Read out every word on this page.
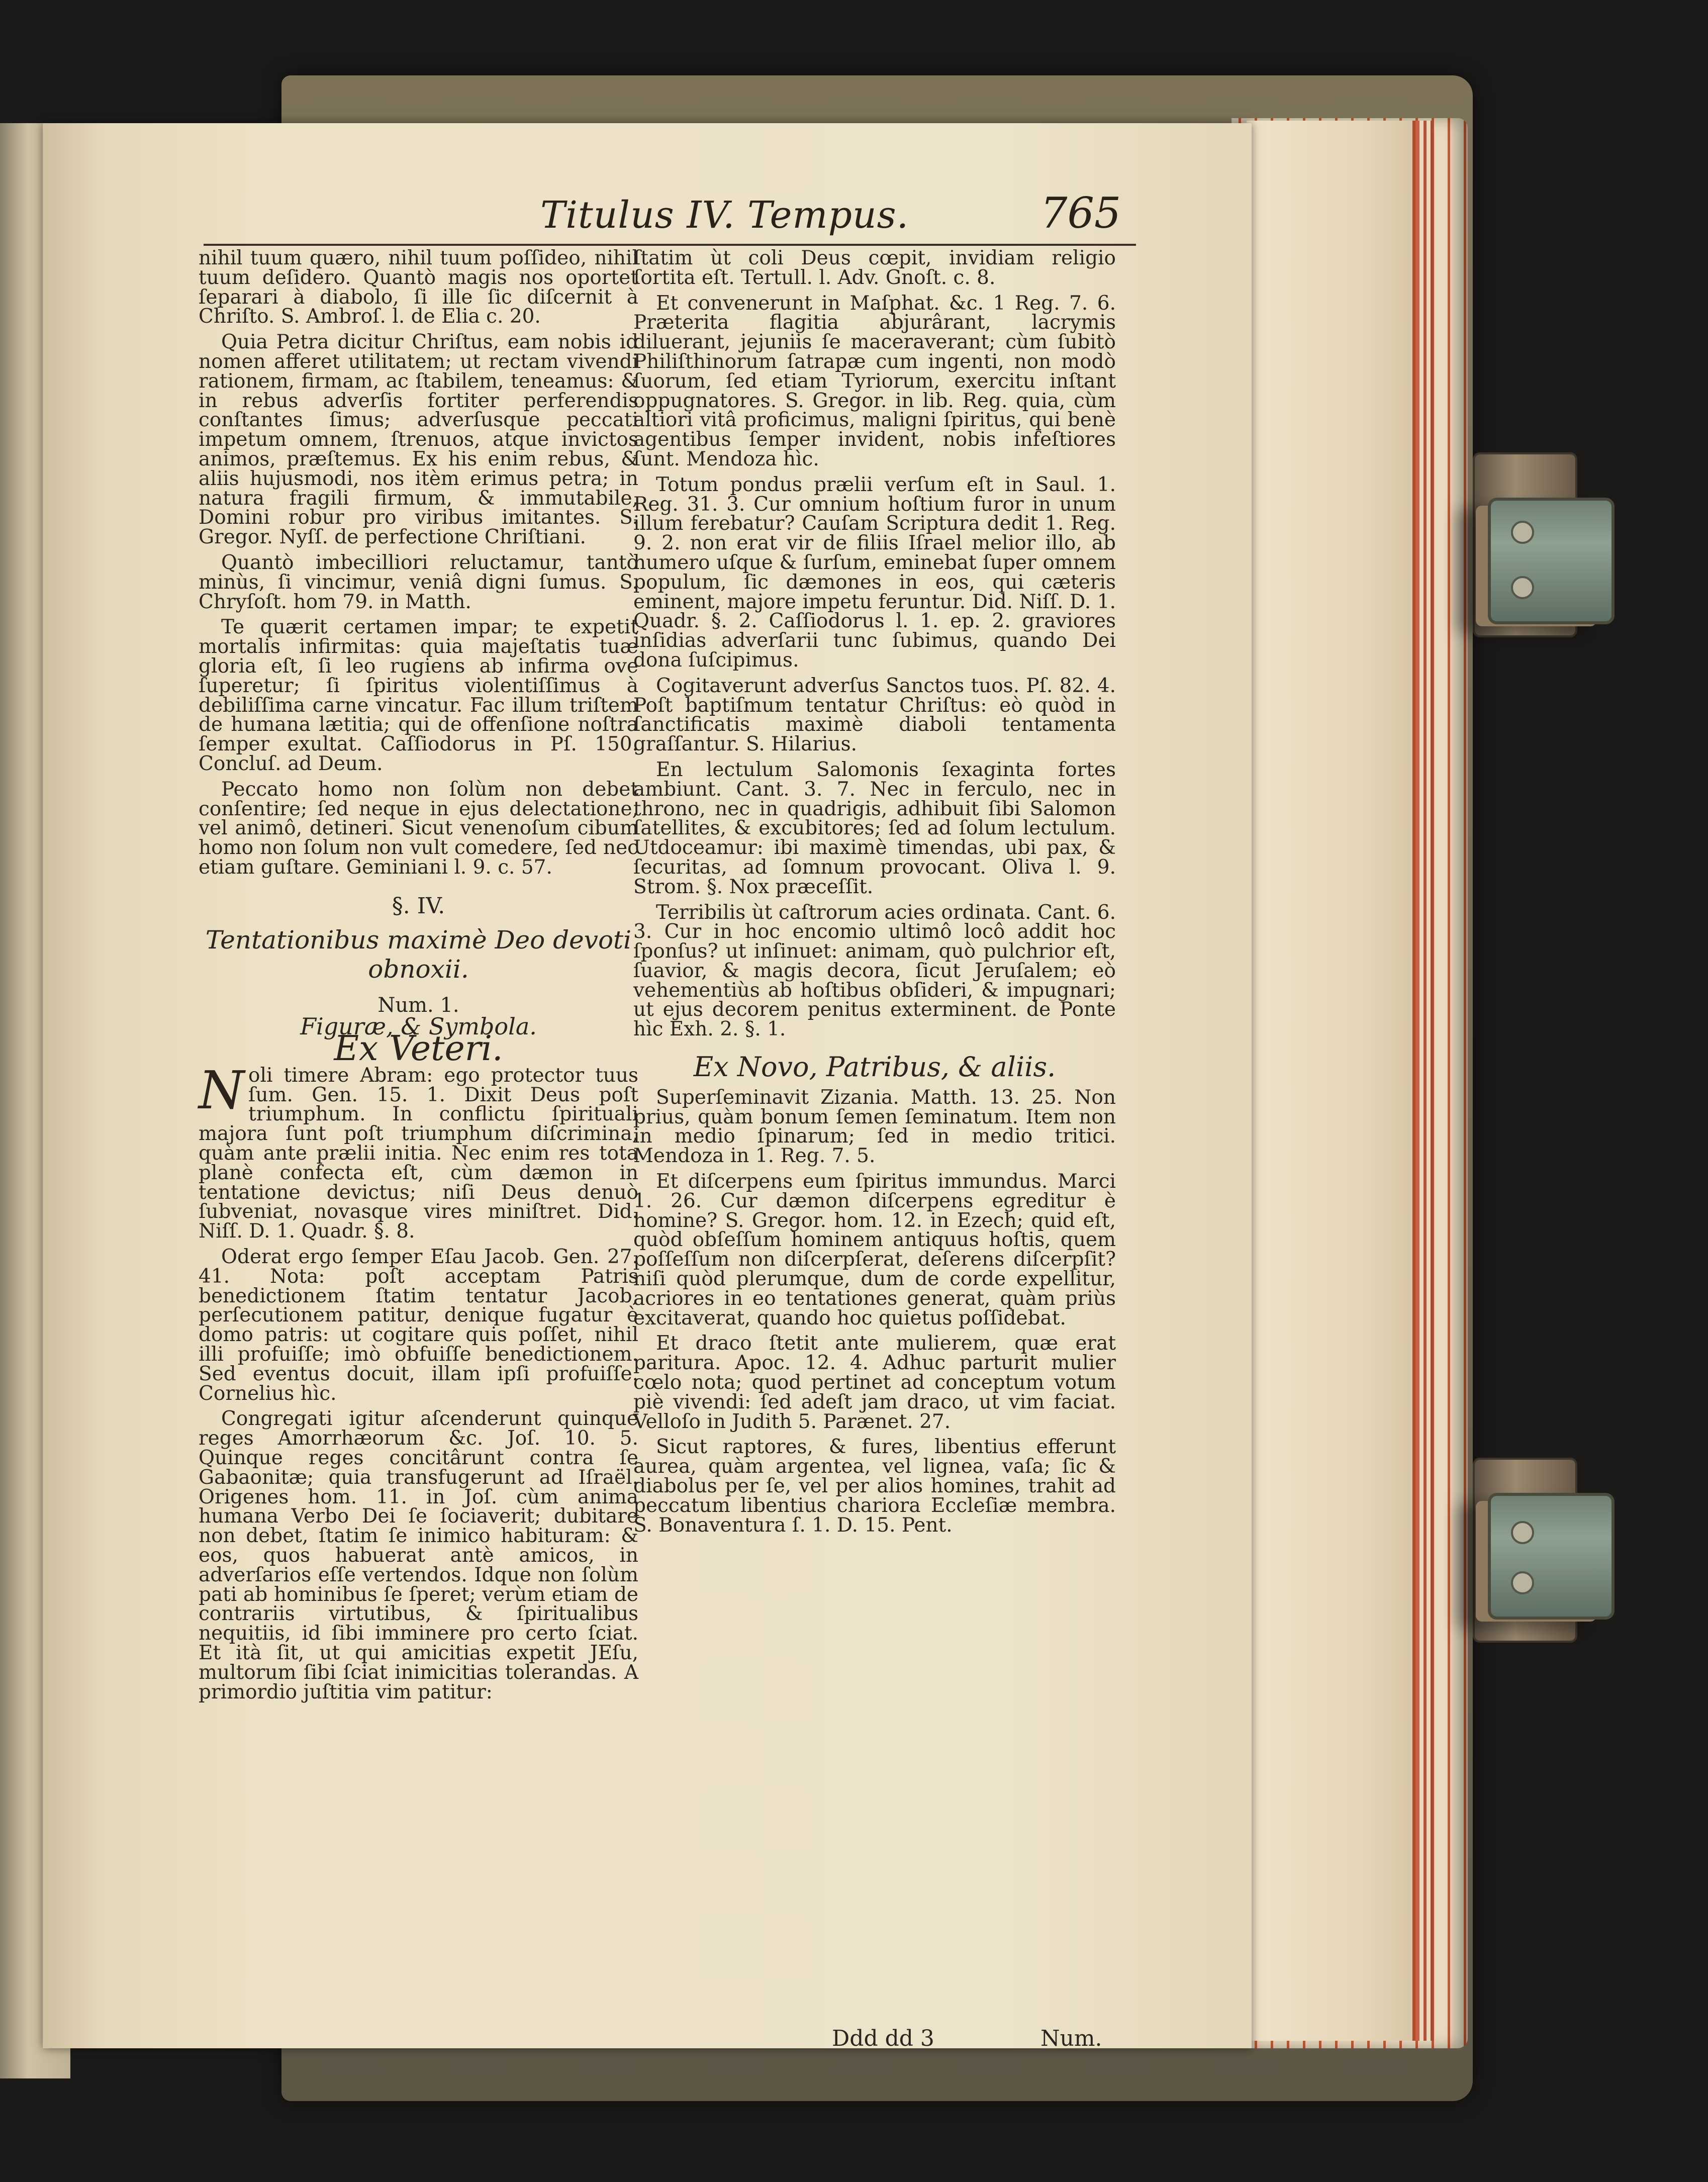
Titulus IV. Tempus.	765

nihil tuum quæro, nihil tuum poſſideo, nihil tuum deſidero. Quantò magis nos oportet ſeparari à diabolo, ſi ille ſic diſcernit à Chriſto. S. Ambroſ. l. de Elia c. 20.

Quia Petra dicitur Chriſtus, eam nobis id nomen afferet utilitatem; ut rectam vivendi rationem, firmam, ac ſtabilem, teneamus: & in rebus adverſis fortiter perferendis conſtantes ſimus; adverſusque peccati impetum omnem, ſtrenuos, atque invictos animos, præſtemus. Ex his enim rebus, & aliis hujusmodi, nos itèm erimus petra; in natura fragili firmum, & immutabile, Domini robur pro viribus imitantes. S. Gregor. Nyſſ. de perfectione Chriſtiani.

Quantò imbecilliori reluctamur, tantò minùs, ſi vincimur, veniâ digni ſumus. S. Chryſoſt. hom 79. in Matth.

Te quærit certamen impar; te expetit mortalis infirmitas: quia majeſtatis tuæ gloria eſt, ſi leo rugiens ab infirma ove ſuperetur; ſi ſpiritus violentiſſimus à debiliſſima carne vincatur. Fac illum triſtem de humana lætitia; qui de offenſione noſtra ſemper exultat. Caſſiodorus in Pſ. 150. Concluſ. ad Deum.

Peccato homo non ſolùm non debet conſentire; ſed neque in ejus delectatione, vel animô, detineri. Sicut venenoſum cibum homo non ſolum non vult comedere, ſed nec etiam guſtare. Geminiani l. 9. c. 57.

§. IV.
Tentationibus maximè Deo devoti obnoxii.
Num. 1.
Figuræ, & Symbola.
Ex Veteri.

Noli timere Abram: ego protector tuus ſum. Gen. 15. 1. Dixit Deus poſt triumphum. In conflictu ſpirituali majora ſunt poſt triumphum diſcrimina, quàm ante prælii initia. Nec enim res tota planè confecta eſt, cùm dæmon in tentatione devictus; niſi Deus denuò ſubveniat, novasque vires miniſtret. Did. Niſſ. D. 1. Quadr. §. 8.

Oderat ergo ſemper Eſau Jacob. Gen. 27. 41. Nota: poſt acceptam Patris benedictionem ſtatim tentatur Jacob, perſecutionem patitur, denique fugatur è domo patris: ut cogitare quis poſſet, nihil illi profuiſſe; imò obfuiſſe benedictionem. Sed eventus docuit, illam ipſi profuiſſe. Cornelius hìc.

Congregati igitur aſcenderunt quinque reges Amorrhæorum &c. Joſ. 10. 5. Quinque reges concitârunt contra ſe Gabaonitæ; quia transfugerunt ad Iſraël. Origenes hom. 11. in Joſ. cùm anima humana Verbo Dei ſe ſociaverit; dubitare non debet, ſtatim ſe inimico habituram: & eos, quos habuerat antè amicos, in adverſarios eſſe vertendos. Idque non ſolùm pati ab hominibus ſe ſperet; verùm etiam de contrariis virtutibus, & ſpiritualibus nequitiis, id ſibi imminere pro certo ſciat. Et ità ſit, ut qui amicitias expetit JEſu, multorum ſibi ſciat inimicitias tolerandas. A primordio juſtitia vim patitur:

ſtatim ùt coli Deus cœpit, invidiam religio ſortita eſt. Tertull. l. Adv. Gnoſt. c. 8.

Et convenerunt in Maſphat. &c. 1 Reg. 7. 6. Præterita flagitia abjurârant, lacrymis diluerant, jejuniis ſe maceraverant; cùm ſubitò Philiſthinorum ſatrapæ cum ingenti, non modò ſuorum, ſed etiam Tyriorum, exercitu inſtant oppugnatores. S. Gregor. in lib. Reg. quia, cùm altiori vitâ proficimus, maligni ſpiritus, qui benè agentibus ſemper invident, nobis infeſtiores ſunt. Mendoza hìc.

Totum pondus prælii verſum eſt in Saul. 1. Reg. 31. 3. Cur omnium hoſtium furor in unum illum ferebatur? Cauſam Scriptura dedit 1. Reg. 9. 2. non erat vir de filiis Iſrael melior illo, ab humero uſque & ſurſum, eminebat ſuper omnem populum, ſic dæmones in eos, qui cæteris eminent, majore impetu feruntur. Did. Niſſ. D. 1. Quadr. §. 2. Caſſiodorus l. 1. ep. 2. graviores inſidias adverſarii tunc ſubimus, quando Dei dona ſuſcipimus.

Cogitaverunt adverſus Sanctos tuos. Pſ. 82. 4. Poſt baptiſmum tentatur Chriſtus: eò quòd in ſanctificatis maximè diaboli tentamenta graſſantur. S. Hilarius.

En lectulum Salomonis ſexaginta fortes ambiunt. Cant. 3. 7. Nec in ferculo, nec in throno, nec in quadrigis, adhibuit ſibi Salomon ſatellites, & excubitores; ſed ad ſolum lectulum. Utdoceamur: ibi maximè timendas, ubi pax, & ſecuritas, ad ſomnum provocant. Oliva l. 9. Strom. §. Nox præceſſit.

Terribilis ùt caſtrorum acies ordinata. Cant. 6. 3. Cur in hoc encomio ultimô locô addit hoc ſponſus? ut inſinuet: animam, quò pulchrior eſt, ſuavior, & magis decora, ſicut Jeruſalem; eò vehementiùs ab hoſtibus obſideri, & impugnari; ut ejus decorem penitus exterminent. de Ponte hìc Exh. 2. §. 1.

Ex Novo, Patribus, & aliis.

Superſeminavit Zizania. Matth. 13. 25. Non prius, quàm bonum ſemen ſeminatum. Item non in medio ſpinarum; ſed in medio tritici. Mendoza in 1. Reg. 7. 5.

Et diſcerpens eum ſpiritus immundus. Marci 1. 26. Cur dæmon diſcerpens egreditur è homine? S. Gregor. hom. 12. in Ezech; quid eſt, quòd obſeſſum hominem antiquus hoſtis, quem poſſeſſum non diſcerpſerat, deſerens diſcerpſit? niſi quòd plerumque, dum de corde expellitur, acriores in eo tentationes generat, quàm priùs excitaverat, quando hoc quietus poſſidebat.

Et draco ſtetit ante mulierem, quæ erat paritura. Apoc. 12. 4. Adhuc parturit mulier cœlo nota; quod pertinet ad conceptum votum piè vivendi: ſed adeſt jam draco, ut vim faciat. Velloſo in Judith 5. Parænet. 27.

Sicut raptores, & fures, libentius efferunt aurea, quàm argentea, vel lignea, vaſa; ſic & diabolus per ſe, vel per alios homines, trahit ad peccatum libentius chariora Eccleſiæ membra. S. Bonaventura ſ. 1. D. 15. Pent.

Ddd dd 3	Num.
